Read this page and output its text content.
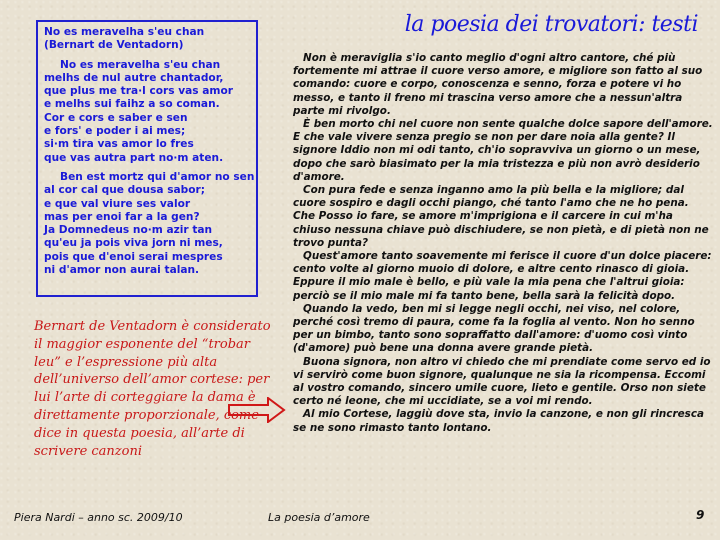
No es meravelha s'eu chan
(Bernart de Ventadorn)
No es meravelha s'eu chan
melhs de nul autre chantador,
que plus me tra·l cors vas amor
e melhs sui faihz a so coman.
Cor e cors e saber e sen
e fors' e poder i ai mes;
si·m tira vas amor lo fres
que vas autra part no·m aten.
Ben est mortz qui d'amor no sen
al cor cal que dousa sabor;
e que val viure ses valor
mas per enoi far a la gen?
Ja Domnedeus no·m azir tan
qu'eu ja pois viva jorn ni mes,
pois que d'enoi serai mespres
ni d'amor non aurai talan.
la poesia dei trovatori: testi

Non è meraviglia s'io canto meglio d'ogni altro cantore, ché più fortemente mi attrae il cuore verso amore, e migliore son fatto al suo comando: cuore e corpo, conoscenza e senno, forza e potere vi ho messo, e tanto il freno mi trascina verso amore che a nessun'altra parte mi rivolgo.

È ben morto chi nel cuore non sente qualche dolce sapore dell'amore. E che vale vivere senza pregio se non per dare noia alla gente? Il signore Iddio non mi odi tanto, ch'io sopravviva un giorno o un mese, dopo che sarò biasimato per la mia tristezza e più non avrò desiderio d'amore.

Con pura fede e senza inganno amo la più bella e la migliore; dal cuore sospiro e dagli occhi piango, ché tanto l'amo che ne ho pena. Che Posso io fare, se amore m'imprigiona e il carcere in cui m'ha chiuso nessuna chiave può dischiudere, se non pietà, e di pietà non ne trovo punta?

Quest'amore tanto soavemente mi ferisce il cuore d'un dolce piacere: cento volte al giorno muoio di dolore, e altre cento rinasco di gioia. Eppure il mio male è bello, e più vale la mia pena che l'altrui gioia: perciò se il mio male mi fa tanto bene, bella sarà la felicità dopo.

Quando la vedo, ben mi si legge negli occhi, nei viso, nel colore, perché così tremo di paura, come fa la foglia al vento. Non ho senno per un bimbo, tanto sono sopraffatto dall'amore: d'uomo così vinto (d'amore) può bene una donna avere grande pietà.

Buona signora, non altro vi chiedo che mi prendiate come servo ed io vi servirò come buon signore, qualunque ne sia la ricompensa. Eccomi al vostro comando, sincero umile cuore, lieto e gentile. Orso non siete certo né leone, che mi uccidiate, se a voi mi rendo.

Al mio Cortese, laggiù dove sta, invio la canzone, e non gli rincresca se ne sono rimasto tanto lontano.

Bernart de Ventadorn è considerato il maggior esponente del “trobar leu” e l’espressione più alta dell’universo dell’amor cortese: per lui l’arte di corteggiare la dama è direttamente proporzionale, come dice in questa poesia, all’arte di scrivere canzoni
Piera Nardi – anno sc. 2009/10	La poesia d’amore	9
